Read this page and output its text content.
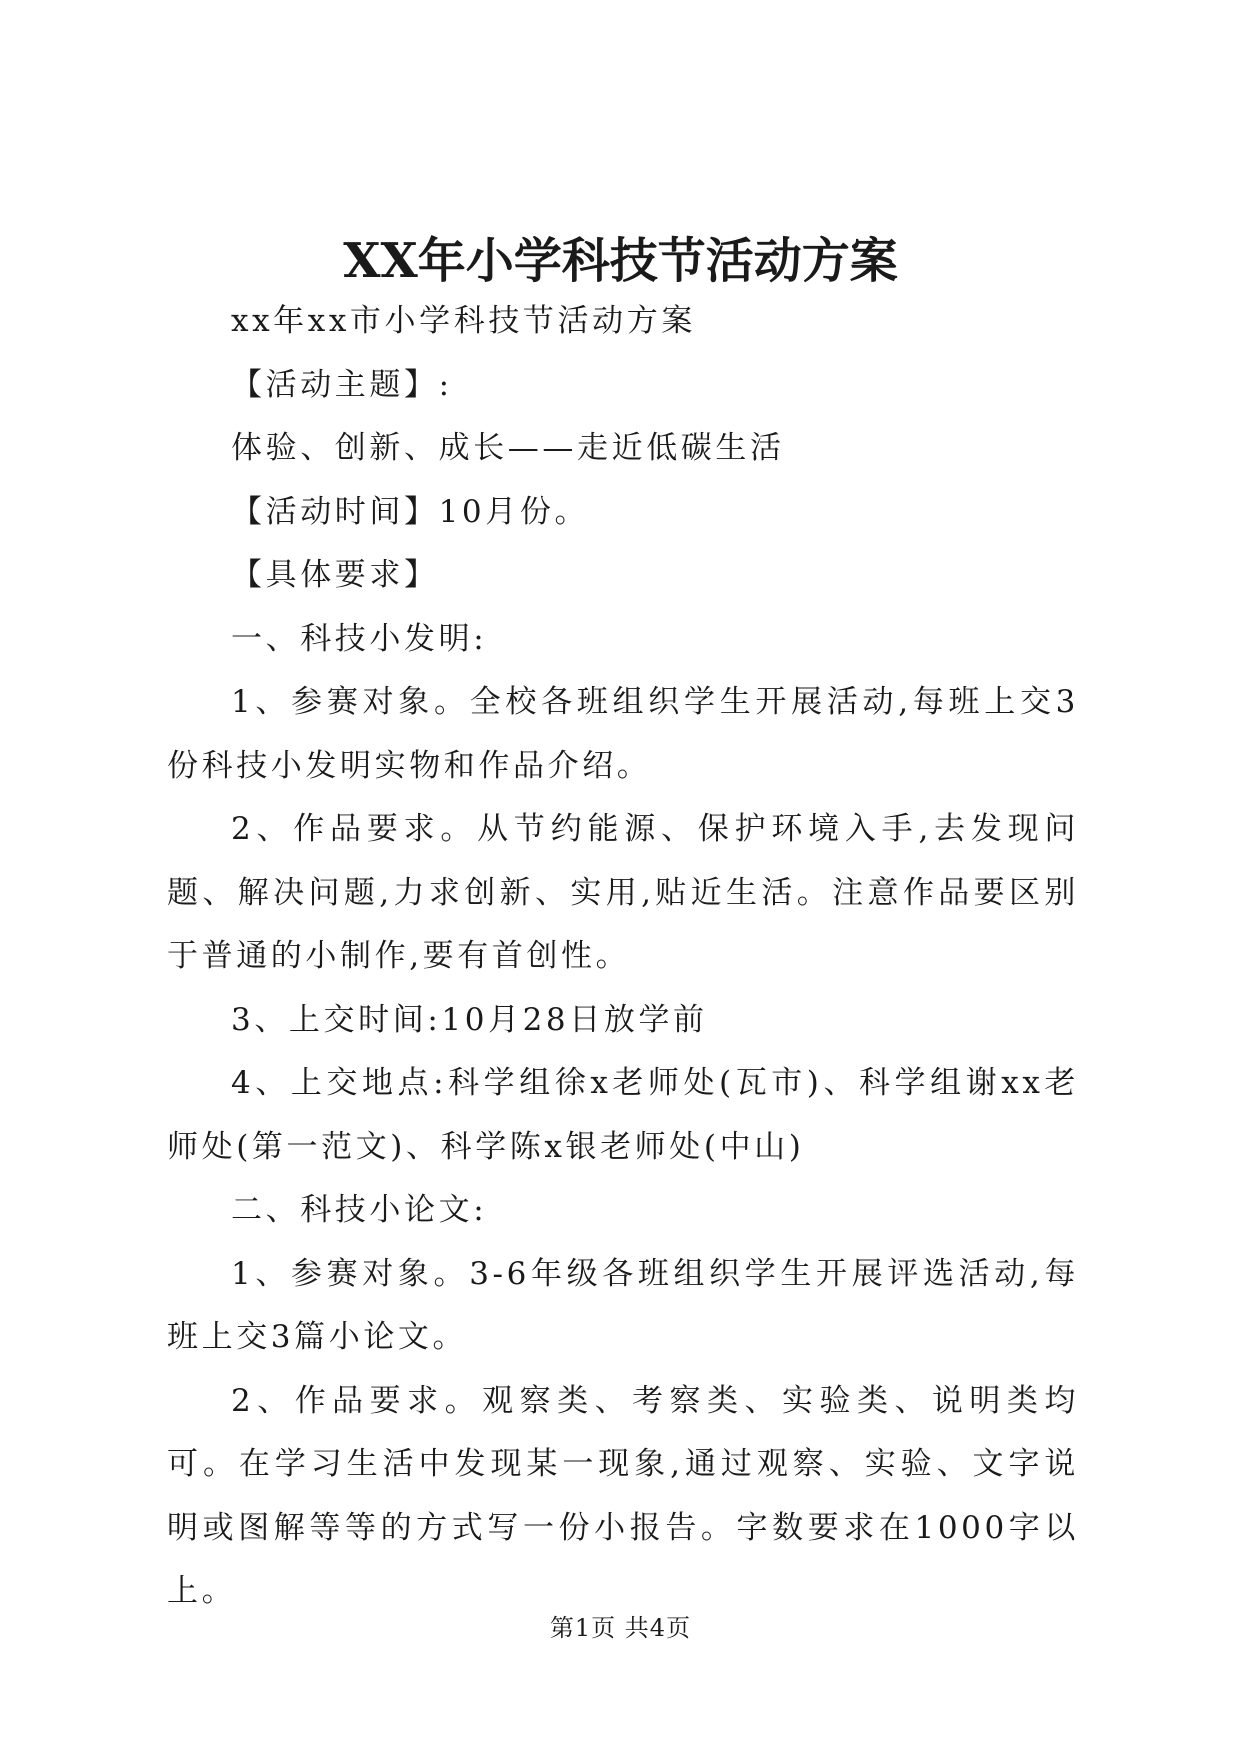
XX年小学科技节活动方案

xx年xx市小学科技节活动方案

【活动主题】:

体验、创新、成长——走近低碳生活

【活动时间】10月份。

【具体要求】

一、科技小发明:

1、参赛对象。全校各班组织学生开展活动,每班上交3份科技小发明实物和作品介绍。

2、作品要求。从节约能源、保护环境入手,去发现问题、解决问题,力求创新、实用,贴近生活。注意作品要区别于普通的小制作,要有首创性。

3、上交时间:10月28日放学前

4、上交地点:科学组徐x老师处(瓦市)、科学组谢xx老师处(第一范文)、科学陈x银老师处(中山)

二、科技小论文:

1、参赛对象。3-6年级各班组织学生开展评选活动,每班上交3篇小论文。

2、作品要求。观察类、考察类、实验类、说明类均可。在学习生活中发现某一现象,通过观察、实验、文字说明或图解等等的方式写一份小报告。字数要求在1000字以上。

第1页 共4页
